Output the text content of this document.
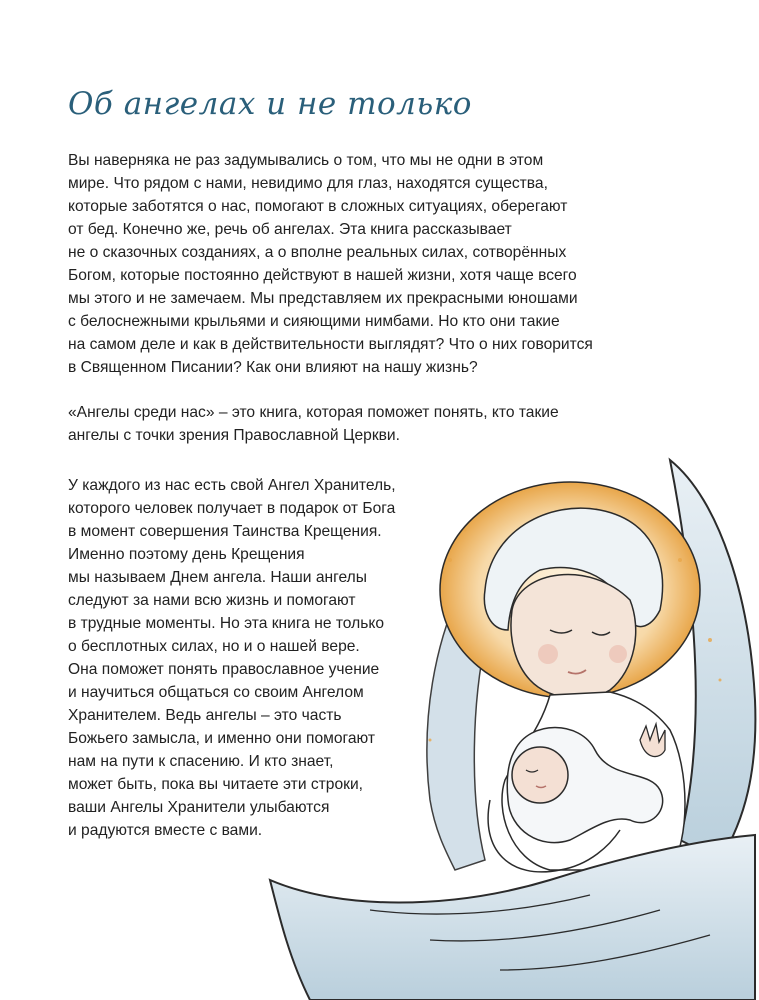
Об ангелах и не только
Вы наверняка не раз задумывались о том, что мы не одни в этом
мире. Что рядом с нами, невидимо для глаз, находятся существа,
которые заботятся о нас, помогают в сложных ситуациях, оберегают
от бед. Конечно же, речь об ангелах. Эта книга рассказывает
не о сказочных созданиях, а о вполне реальных силах, сотворённых
Богом, которые постоянно действуют в нашей жизни, хотя чаще всего
мы этого и не замечаем. Мы представляем их прекрасными юношами
с белоснежными крыльями и сияющими нимбами. Но кто они такие
на самом деле и как в действительности выглядят? Что о них говорится
в Священном Писании? Как они влияют на нашу жизнь?
«Ангелы среди нас» – это книга, которая поможет понять, кто такие
ангелы с точки зрения Православной Церкви.
У каждого из нас есть свой Ангел Хранитель,
которого человек получает в подарок от Бога
в момент совершения Таинства Крещения.
Именно поэтому день Крещения
мы называем Днем ангела. Наши ангелы
следуют за нами всю жизнь и помогают
в трудные моменты. Но эта книга не только
о бесплотных силах, но и о нашей вере.
Она поможет понять православное учение
и научиться общаться со своим Ангелом
Хранителем. Ведь ангелы – это часть
Божьего замысла, и именно они помогают
нам на пути к спасению. И кто знает,
может быть, пока вы читаете эти строки,
ваши Ангелы Хранители улыбаются
и радуются вместе с вами.
